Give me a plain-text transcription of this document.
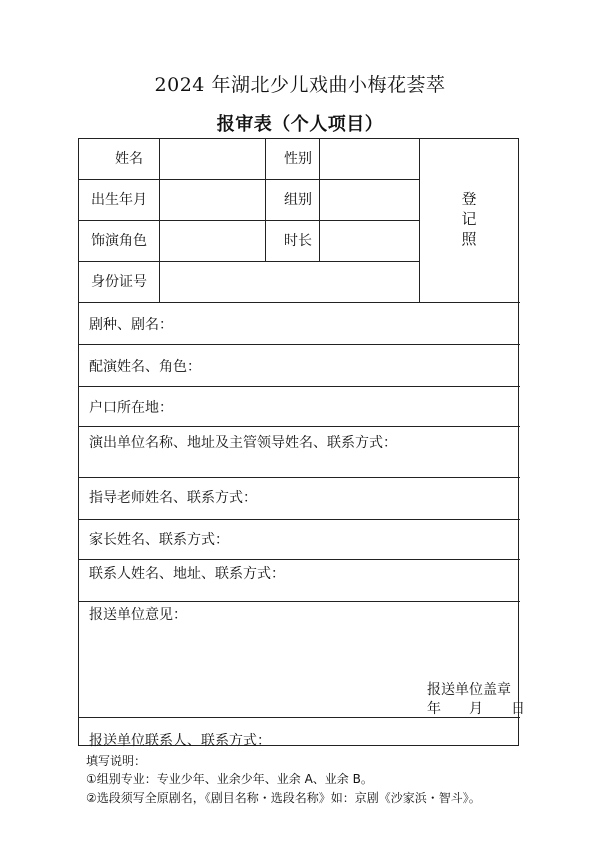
2024 年湖北少儿戏曲小梅花荟萃
报审表（个人项目）
姓名	性别
出生年月	组别
饰演角色	时长
身份证号
登
记
照
剧种、剧名：
配演姓名、角色：
户口所在地：
演出单位名称、地址及主管领导姓名、联系方式：
指导老师姓名、联系方式：
家长姓名、联系方式：
联系人姓名、地址、联系方式：
报送单位意见：
报送单位盖章
年　　月　　日
报送单位联系人、联系方式：
填写说明：
①组别专业：专业少年、业余少年、业余 A、业余 B。
②选段须写全原剧名，《剧目名称・选段名称》如：京剧《沙家浜・智斗》。
